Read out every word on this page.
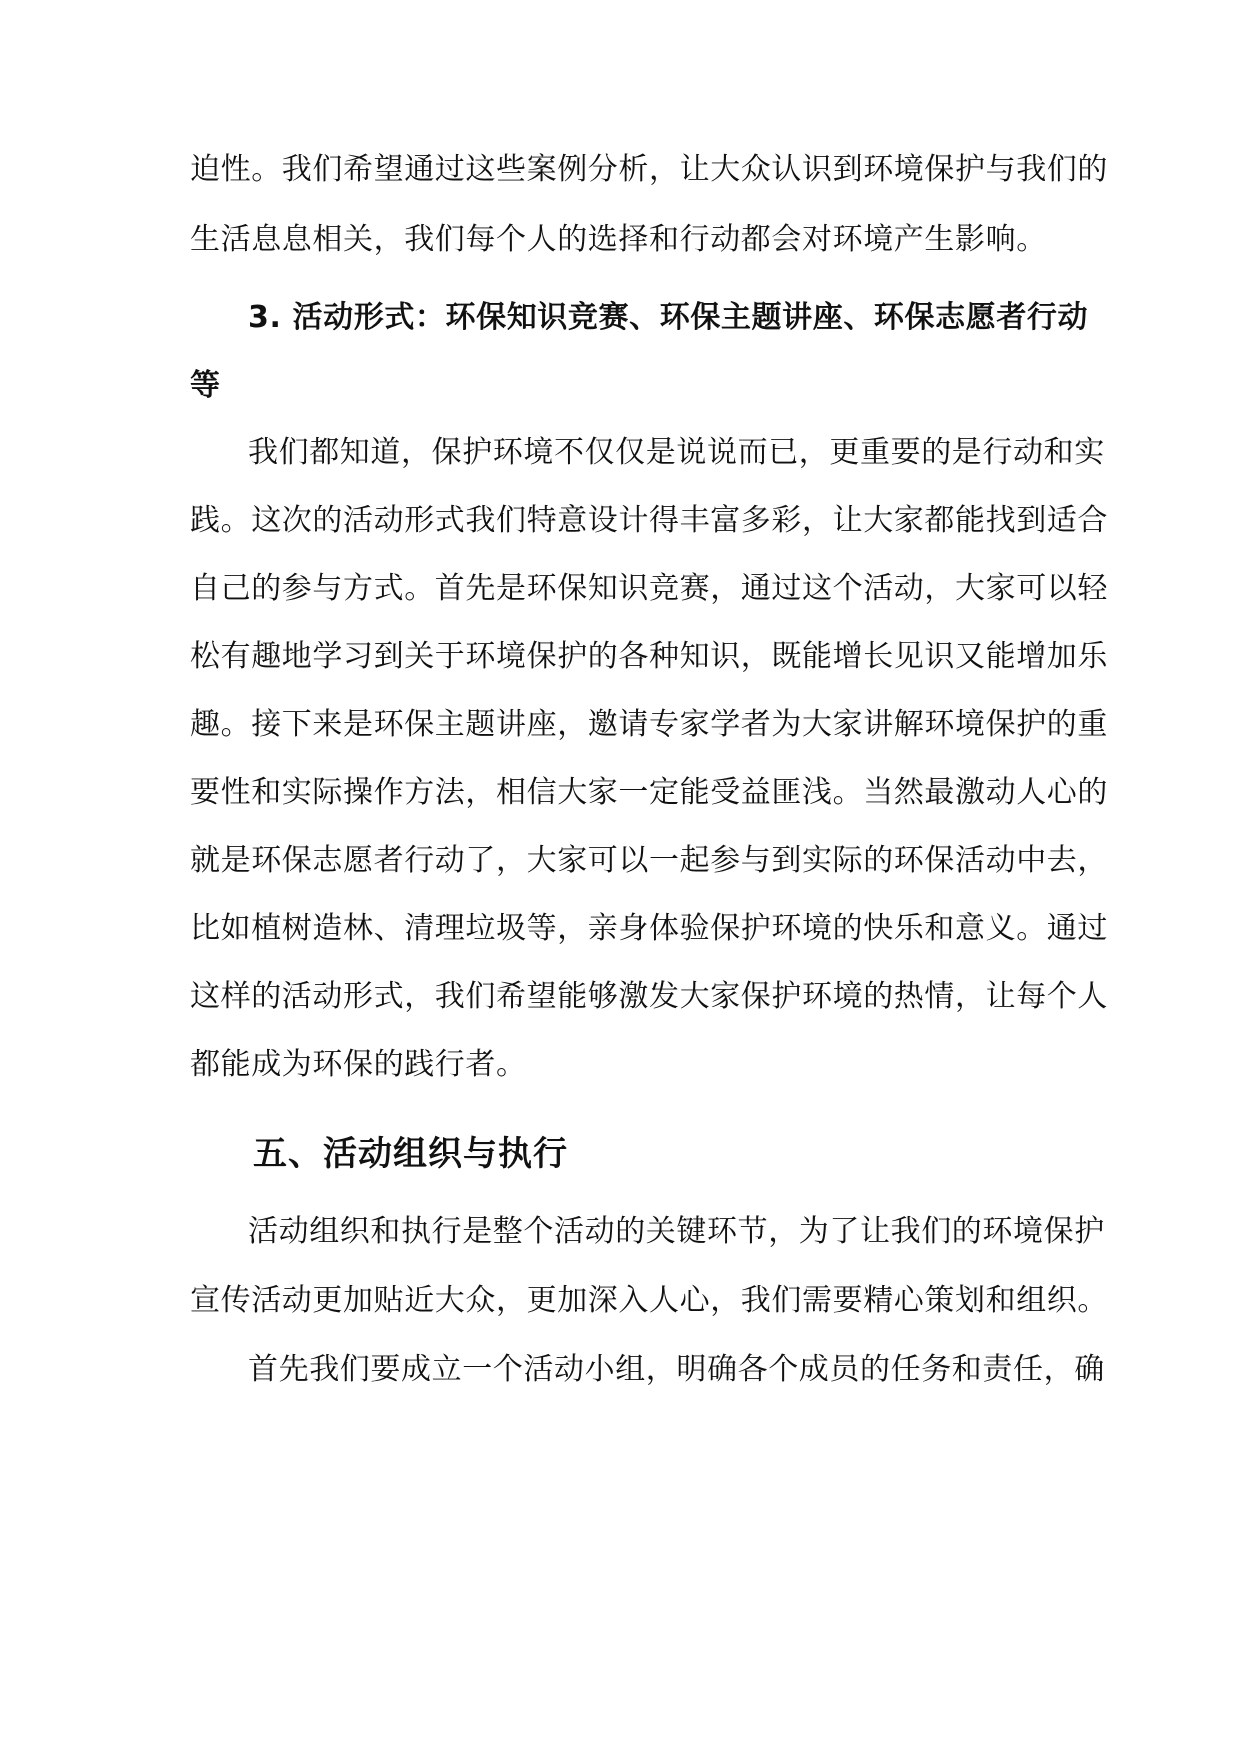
迫性。我们希望通过这些案例分析，让大众认识到环境保护与我们的
生活息息相关，我们每个人的选择和行动都会对环境产生影响。
3. 活动形式：环保知识竞赛、环保主题讲座、环保志愿者行动
等
我们都知道，保护环境不仅仅是说说而已，更重要的是行动和实
践。这次的活动形式我们特意设计得丰富多彩，让大家都能找到适合
自己的参与方式。首先是环保知识竞赛，通过这个活动，大家可以轻
松有趣地学习到关于环境保护的各种知识，既能增长见识又能增加乐
趣。接下来是环保主题讲座，邀请专家学者为大家讲解环境保护的重
要性和实际操作方法，相信大家一定能受益匪浅。当然最激动人心的
就是环保志愿者行动了，大家可以一起参与到实际的环保活动中去，
比如植树造林、清理垃圾等，亲身体验保护环境的快乐和意义。通过
这样的活动形式，我们希望能够激发大家保护环境的热情，让每个人
都能成为环保的践行者。
五、活动组织与执行
活动组织和执行是整个活动的关键环节，为了让我们的环境保护
宣传活动更加贴近大众，更加深入人心，我们需要精心策划和组织。
首先我们要成立一个活动小组，明确各个成员的任务和责任，确
